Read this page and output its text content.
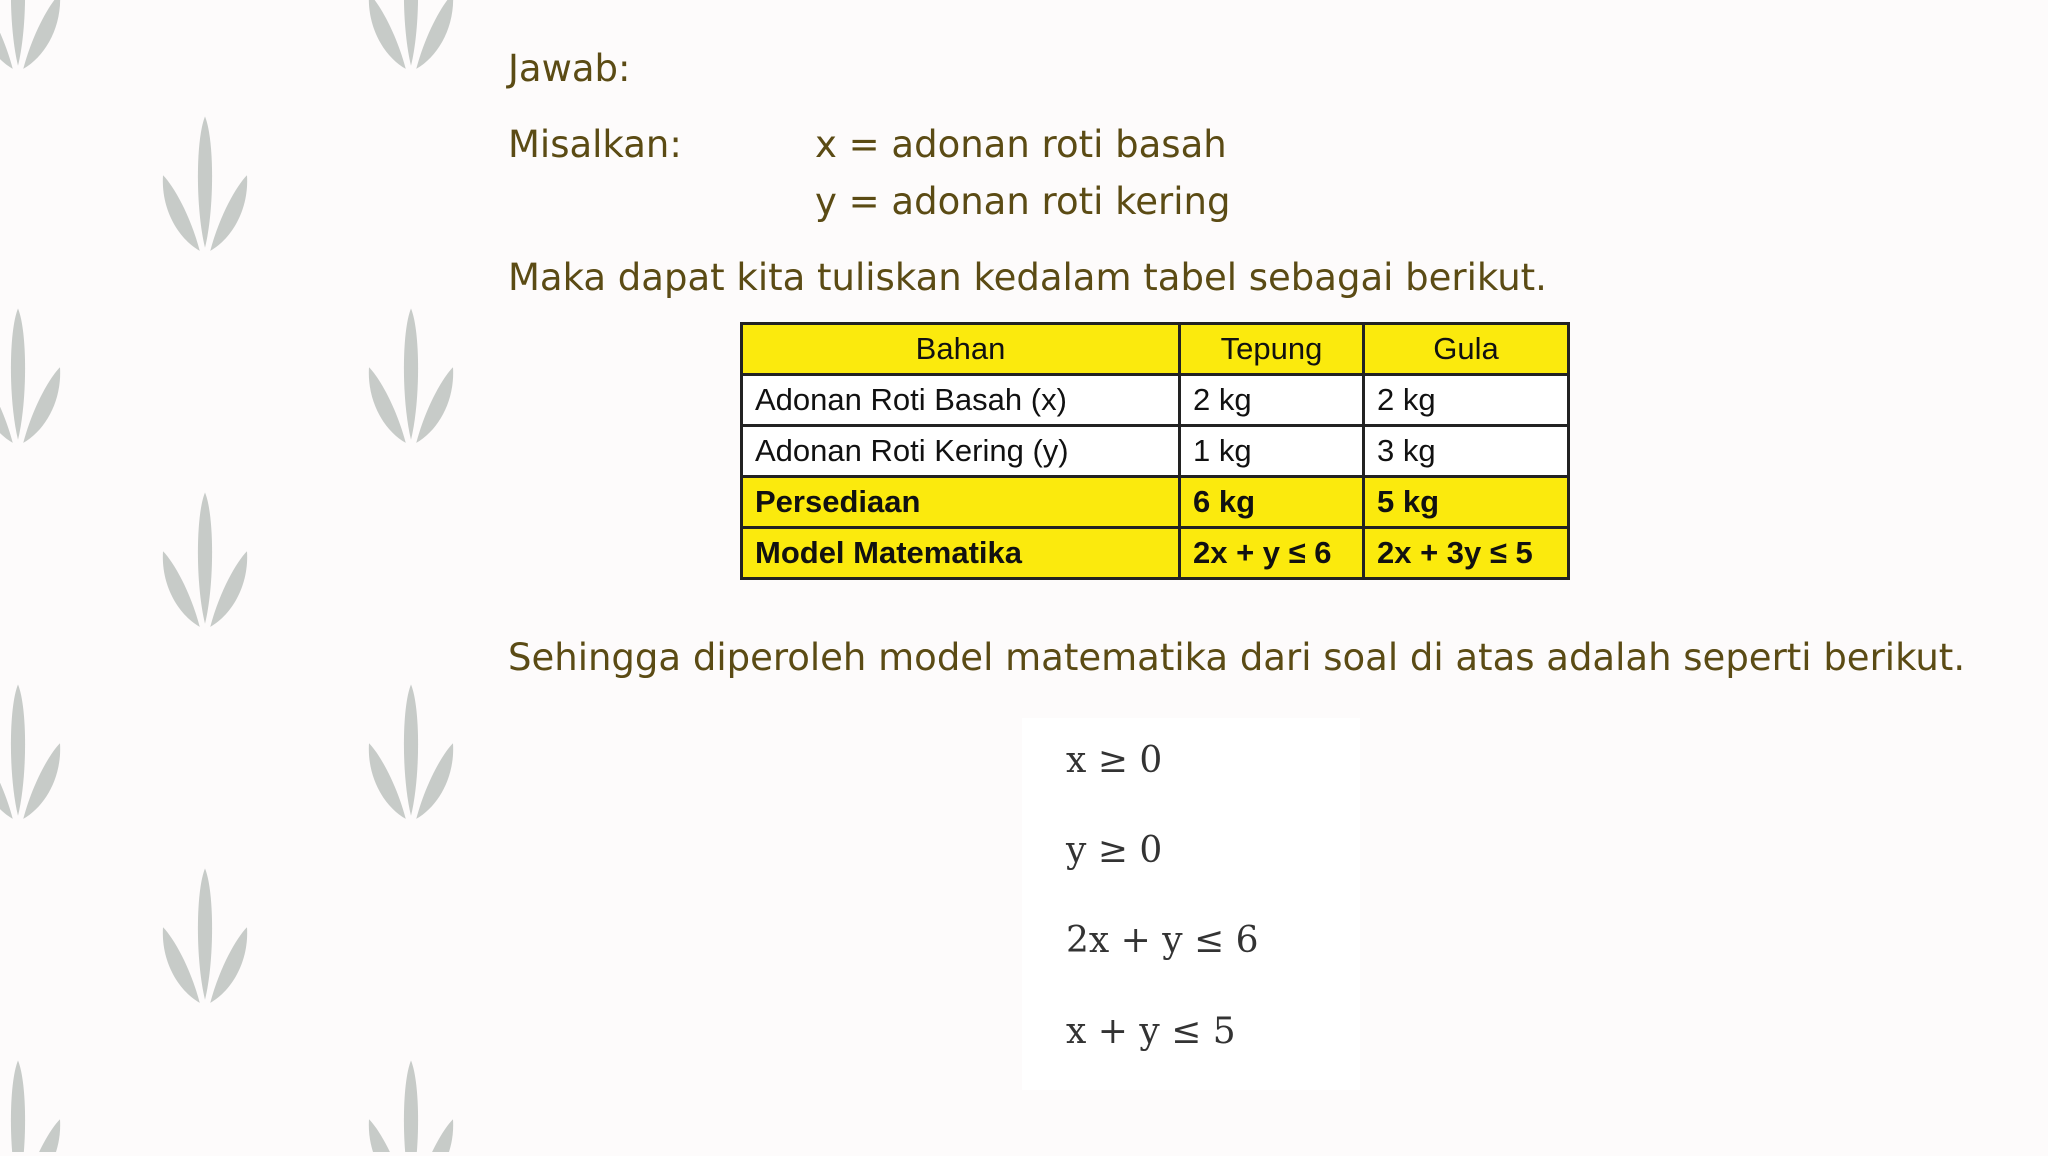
Jawab:
Misalkan:	x = adonan roti basah
y = adonan roti kering
Maka dapat kita tuliskan kedalam tabel sebagai berikut.
Bahan	Tepung	Gula
Adonan Roti Basah (x)	2 kg	2 kg
Adonan Roti Kering (y)	1 kg	3 kg
Persediaan	6 kg	5 kg
Model Matematika	2x + y ≤ 6	2x + 3y ≤ 5
Sehingga diperoleh model matematika dari soal di atas adalah seperti berikut.
x ≥ 0
y ≥ 0
2x + y ≤ 6
x + y ≤ 5
